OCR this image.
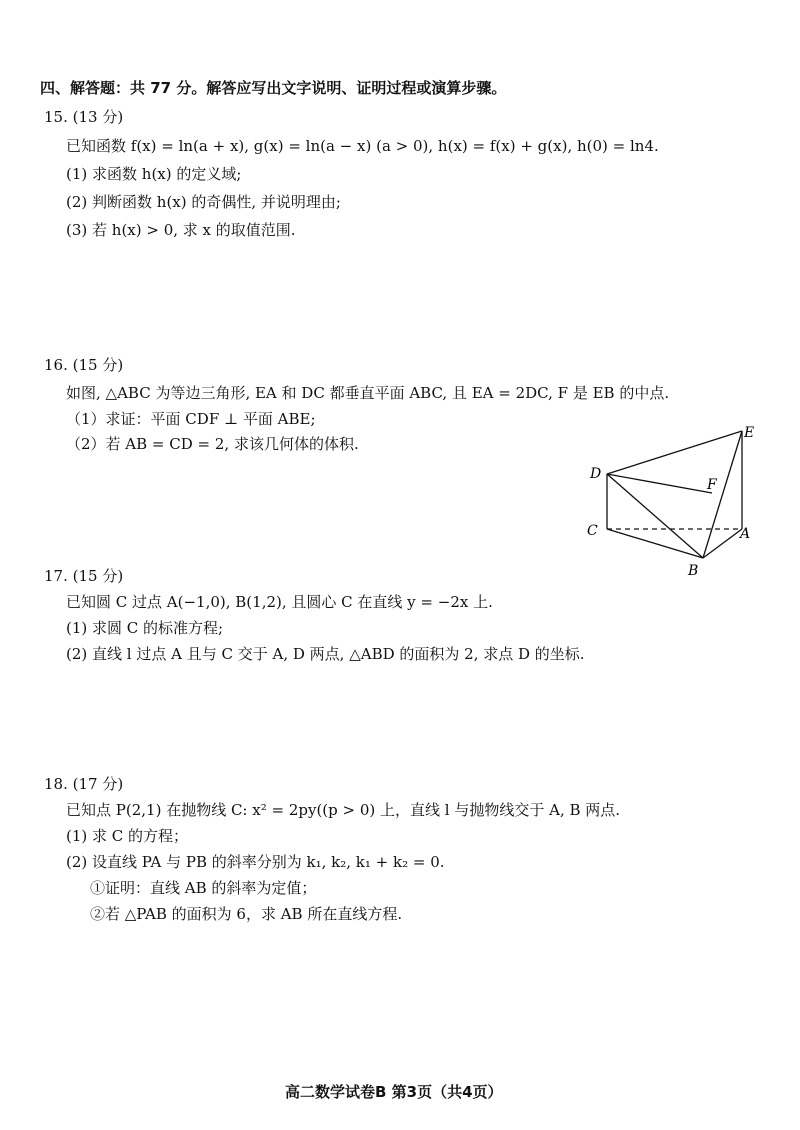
四、解答题：共 77 分。解答应写出文字说明、证明过程或演算步骤。
15. (13 分)
已知函数 f(x) = ln(a + x), g(x) = ln(a − x) (a > 0), h(x) = f(x) + g(x), h(0) = ln4.
(1) 求函数 h(x) 的定义域;
(2) 判断函数 h(x) 的奇偶性, 并说明理由;
(3) 若 h(x) > 0, 求 x 的取值范围.
16. (15 分)
如图, △ABC 为等边三角形, EA 和 DC 都垂直平面 ABC, 且 EA = 2DC, F 是 EB 的中点.
（1）求证：平面 CDF ⊥ 平面 ABE;
（2）若 AB = CD = 2, 求该几何体的体积.
E
D
F
C	A
B
17. (15 分)
已知圆 C 过点 A(−1,0), B(1,2), 且圆心 C 在直线 y = −2x 上.
(1) 求圆 C 的标准方程;
(2) 直线 l 过点 A 且与 C 交于 A, D 两点, △ABD 的面积为 2, 求点 D 的坐标.
18. (17 分)
已知点 P(2,1) 在抛物线 C: x² = 2py((p > 0) 上，直线 l 与抛物线交于 A, B 两点.
(1) 求 C 的方程；
(2) 设直线 PA 与 PB 的斜率分别为 k₁, k₂, k₁ + k₂ = 0.
①证明：直线 AB 的斜率为定值；
②若 △PAB 的面积为 6，求 AB 所在直线方程.
高二数学试卷B 第3页（共4页）
